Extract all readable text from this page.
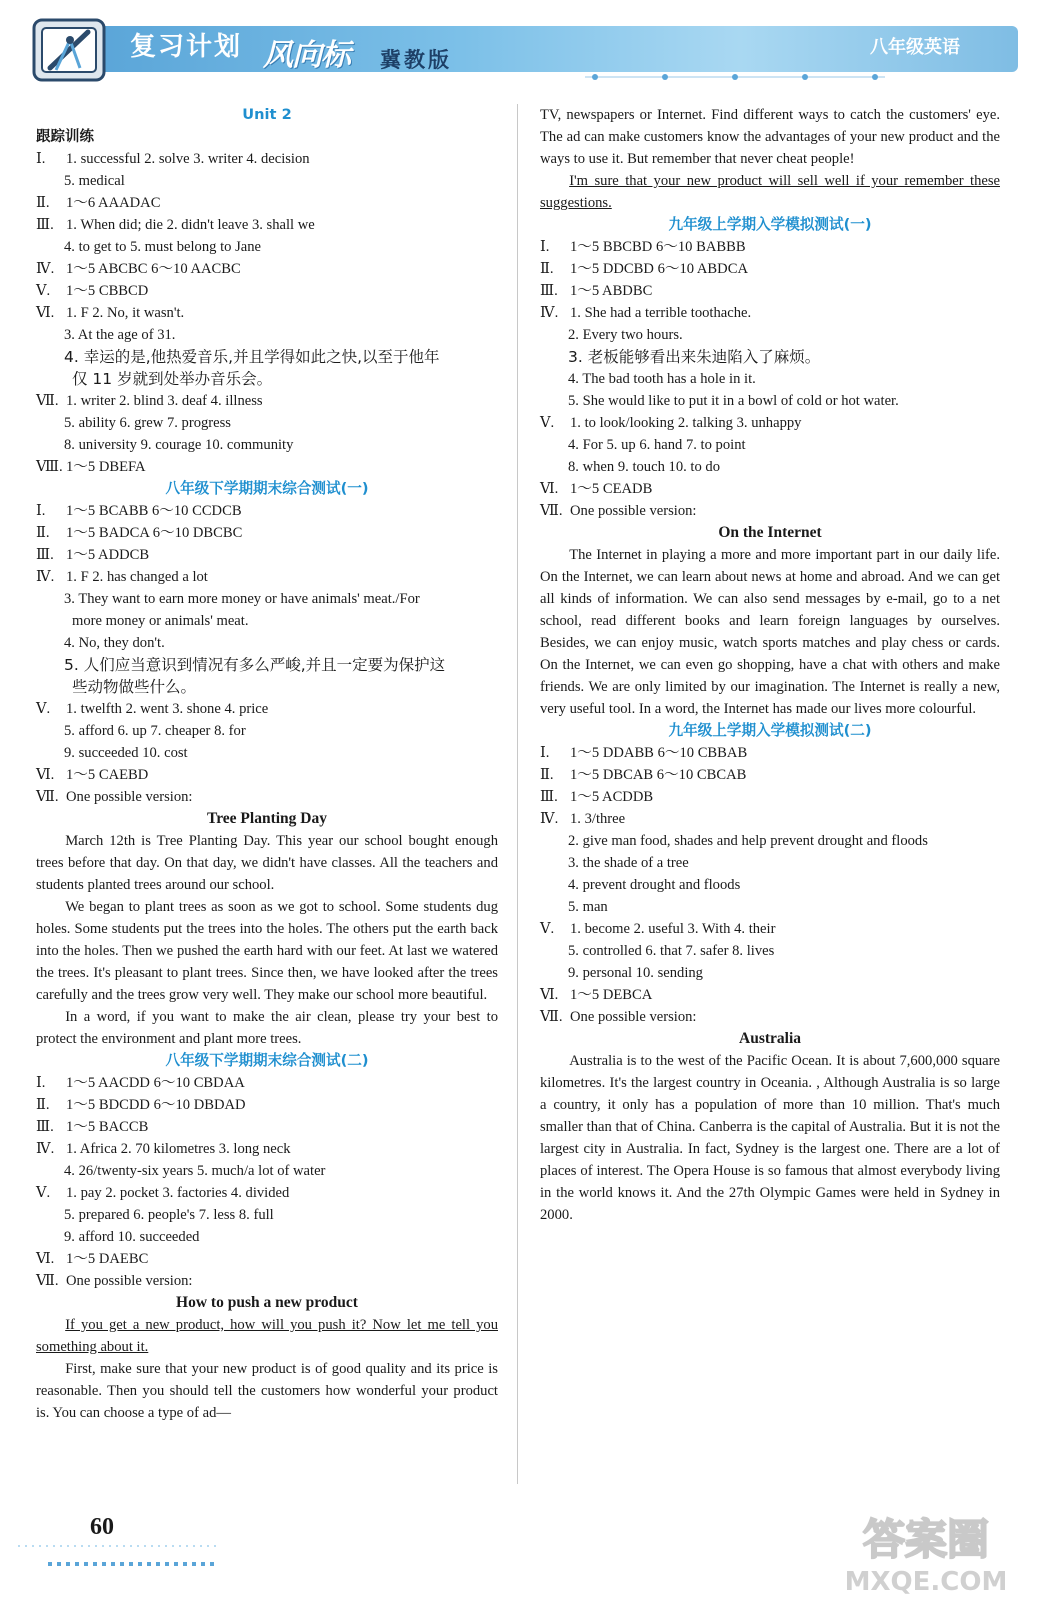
复习计划 风向标 冀教版
八年级英语
Unit 2
跟踪训练
Ⅰ. 1. successful 2. solve 3. writer 4. decision
5. medical
Ⅱ. 1～6 AAADAC
Ⅲ. 1. When did; die 2. didn't leave 3. shall we
4. to get to 5. must belong to Jane
Ⅳ. 1～5 ABCBC 6～10 AACBC
Ⅴ. 1～5 CBBCD
Ⅵ. 1. F 2. No, it wasn't.
3. At the age of 31.
4. 幸运的是,他热爱音乐,并且学得如此之快,以至于他年
仅 11 岁就到处举办音乐会。
Ⅶ. 1. writer 2. blind 3. deaf 4. illness
5. ability 6. grew 7. progress
8. university 9. courage 10. community
Ⅷ. 1～5 DBEFA
八年级下学期期末综合测试(一)
Ⅰ. 1～5 BCABB 6～10 CCDCB
Ⅱ. 1～5 BADCA 6～10 DBCBC
Ⅲ. 1～5 ADDCB
Ⅳ. 1. F 2. has changed a lot
3. They want to earn more money or have animals' meat./For
more money or animals' meat.
4. No, they don't.
5. 人们应当意识到情况有多么严峻,并且一定要为保护这
些动物做些什么。
Ⅴ. 1. twelfth 2. went 3. shone 4. price
5. afford 6. up 7. cheaper 8. for
9. succeeded 10. cost
Ⅵ. 1～5 CAEBD
Ⅶ. One possible version:
Tree Planting Day
March 12th is Tree Planting Day. This year our school bought enough trees before that day. On that day, we didn't have classes. All the teachers and students planted trees around our school.
We began to plant trees as soon as we got to school. Some students dug holes. Some students put the trees into the holes. The others put the earth back into the holes. Then we pushed the earth hard with our feet. At last we watered the trees. It's pleasant to plant trees. Since then, we have looked after the trees carefully and the trees grow very well. They make our school more beautiful.
In a word, if you want to make the air clean, please try your best to protect the environment and plant more trees.
八年级下学期期末综合测试(二)
Ⅰ. 1～5 AACDD 6～10 CBDAA
Ⅱ. 1～5 BDCDD 6～10 DBDAD
Ⅲ. 1～5 BACCB
Ⅳ. 1. Africa 2. 70 kilometres 3. long neck
4. 26/twenty-six years 5. much/a lot of water
Ⅴ. 1. pay 2. pocket 3. factories 4. divided
5. prepared 6. people's 7. less 8. full
9. afford 10. succeeded
Ⅵ. 1～5 DAEBC
Ⅶ. One possible version:
How to push a new product
If you get a new product, how will you push it? Now let me tell you something about it.
First, make sure that your new product is of good quality and its price is reasonable. Then you should tell the customers how wonderful your product is. You can choose a type of ad—
TV, newspapers or Internet. Find different ways to catch the customers' eye. The ad can make customers know the advantages of your new product and the ways to use it. But remember that never cheat people!
I'm sure that your new product will sell well if your remember these suggestions.
九年级上学期入学模拟测试(一)
Ⅰ. 1～5 BBCBD 6～10 BABBB
Ⅱ. 1～5 DDCBD 6～10 ABDCA
Ⅲ. 1～5 ABDBC
Ⅳ. 1. She had a terrible toothache.
2. Every two hours.
3. 老板能够看出来朱迪陷入了麻烦。
4. The bad tooth has a hole in it.
5. She would like to put it in a bowl of cold or hot water.
Ⅴ. 1. to look/looking 2. talking 3. unhappy
4. For 5. up 6. hand 7. to point
8. when 9. touch 10. to do
Ⅵ. 1～5 CEADB
Ⅶ. One possible version:
On the Internet
The Internet in playing a more and more important part in our daily life. On the Internet, we can learn about news at home and abroad. And we can get all kinds of information. We can also send messages by e-mail, go to a net school, read different books and learn foreign languages by ourselves. Besides, we can enjoy music, watch sports matches and play chess or cards. On the Internet, we can even go shopping, have a chat with others and make friends. We are only limited by our imagination. The Internet is really a new, very useful tool. In a word, the Internet has made our lives more colourful.
九年级上学期入学模拟测试(二)
Ⅰ. 1～5 DDABB 6～10 CBBAB
Ⅱ. 1～5 DBCAB 6～10 CBCAB
Ⅲ. 1～5 ACDDB
Ⅳ. 1. 3/three
2. give man food, shades and help prevent drought and floods
3. the shade of a tree
4. prevent drought and floods
5. man
Ⅴ. 1. become 2. useful 3. With 4. their
5. controlled 6. that 7. safer 8. lives
9. personal 10. sending
Ⅵ. 1～5 DEBCA
Ⅶ. One possible version:
Australia
Australia is to the west of the Pacific Ocean. It is about 7,600,000 square kilometres. It's the largest country in Oceania. , Although Australia is so large a country, it only has a population of more than 10 million. That's much smaller than that of China. Canberra is the capital of Australia. But it is not the largest city in Australia. In fact, Sydney is the largest one. There are a lot of places of interest. The Opera House is so famous that almost everybody living in the world knows it. And the 27th Olympic Games were held in Sydney in 2000.
60	答案圈
MXQE.COM
